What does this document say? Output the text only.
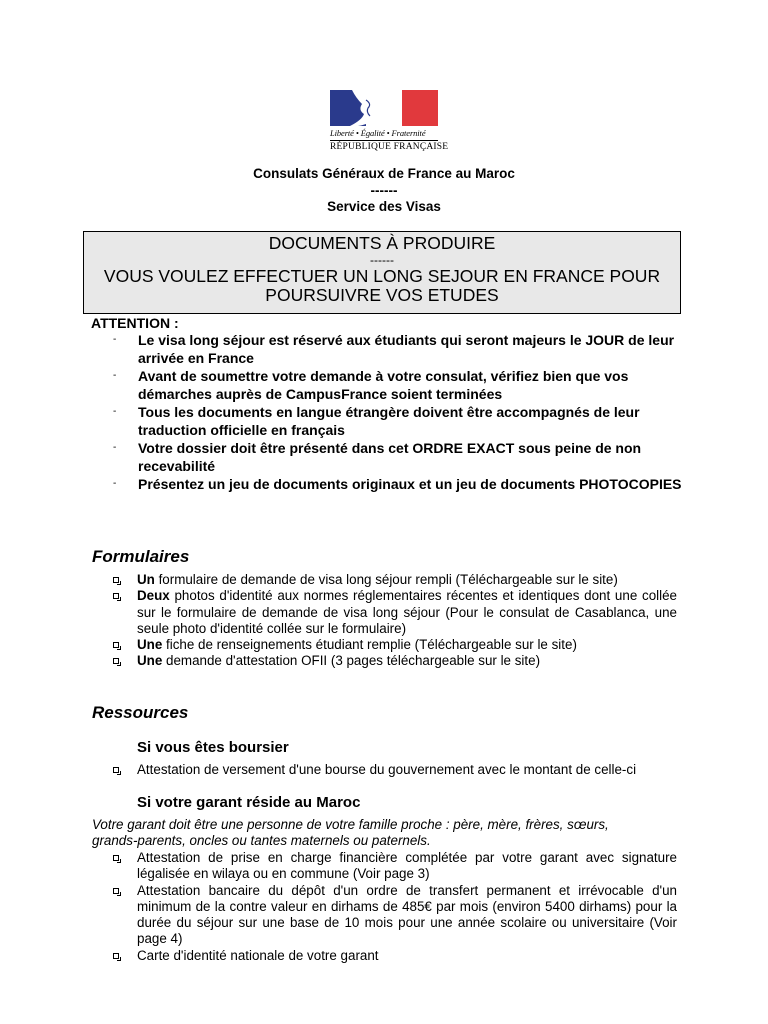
Liberté • Égalité • Fraternité
RÉPUBLIQUE FRANÇAISE
Consulats Généraux de France au Maroc
------
Service des Visas
DOCUMENTS À PRODUIRE
------
VOUS VOULEZ EFFECTUER UN LONG SEJOUR EN FRANCE POUR
POURSUIVRE VOS ETUDES
ATTENTION :
- Le visa long séjour est réservé aux étudiants qui seront majeurs le JOUR de leur arrivée en France
- Avant de soumettre votre demande à votre consulat, vérifiez bien que vos démarches auprès de CampusFrance soient terminées
- Tous les documents en langue étrangère doivent être accompagnés de leur traduction officielle en français
- Votre dossier doit être présenté dans cet ORDRE EXACT sous peine de non recevabilité
- Présentez un jeu de documents originaux et un jeu de documents PHOTOCOPIES
Formulaires
Un formulaire de demande de visa long séjour rempli (Téléchargeable sur le site)
Deux photos d'identité aux normes réglementaires récentes et identiques dont une collée sur le formulaire de demande de visa long séjour (Pour le consulat de Casablanca, une seule photo d'identité collée sur le formulaire)
Une fiche de renseignements étudiant remplie (Téléchargeable sur le site)
Une demande d'attestation OFII (3 pages téléchargeable sur le site)
Ressources
Si vous êtes boursier
Attestation de versement d'une bourse du gouvernement avec le montant de celle-ci
Si votre garant réside au Maroc
Votre garant doit être une personne de votre famille proche : père, mère, frères, sœurs, grands-parents, oncles ou tantes maternels ou paternels.
Attestation de prise en charge financière complétée par votre garant avec signature légalisée en wilaya ou en commune (Voir page 3)
Attestation bancaire du dépôt d'un ordre de transfert permanent et irrévocable d'un minimum de la contre valeur en dirhams de 485€ par mois (environ 5400 dirhams) pour la durée du séjour sur une base de 10 mois pour une année scolaire ou universitaire (Voir page 4)
Carte d'identité nationale de votre garant
